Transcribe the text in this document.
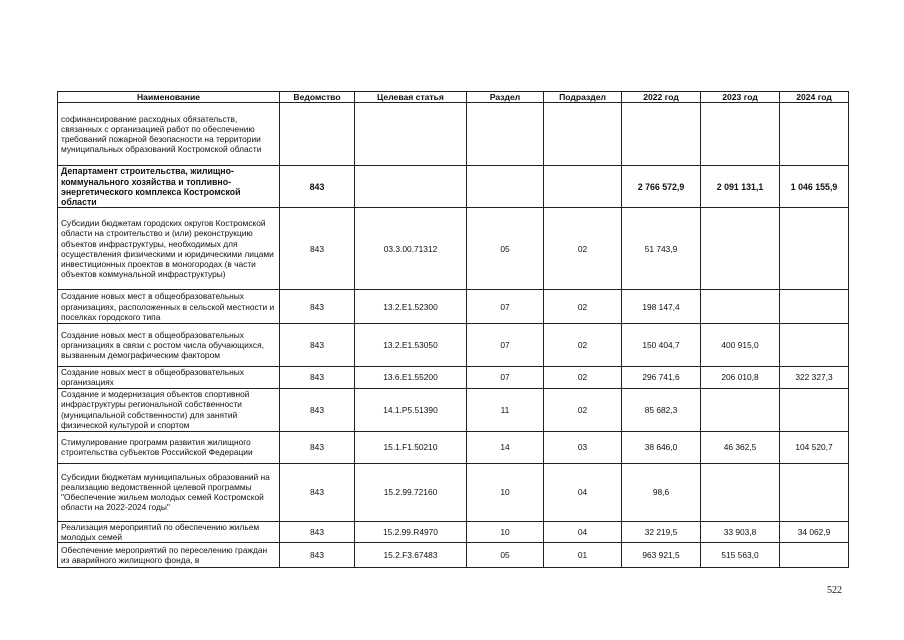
Наименование	Ведомство	Целевая статья	Раздел	Подраздел	2022 год	2023 год	2024 год
софинансирование расходных обязательств, связанных с организацией работ по обеспечению требований пожарной безопасности на территории муниципальных образований Костромской области							
Департамент строительства, жилищно-коммунального хозяйства и топливно-энергетического комплекса Костромской области	843				2 766 572,9	2 091 131,1	1 046 155,9
Субсидии бюджетам городских округов Костромской области на строительство и (или) реконструкцию объектов инфраструктуры, необходимых для осуществления физическими и юридическими лицами инвестиционных проектов в моногородах (в части объектов коммунальной инфраструктуры)	843	03.3.00.71312	05	02	51 743,9		
Создание новых мест в общеобразовательных организациях, расположенных в сельской местности и поселках городского типа	843	13.2.E1.52300	07	02	198 147,4		
Создание новых мест в общеобразовательных организациях в связи с ростом числа обучающихся, вызванным демографическим фактором	843	13.2.E1.53050	07	02	150 404,7	400 915,0	
Создание новых мест в общеобразовательных организациях	843	13.6.E1.55200	07	02	296 741,6	206 010,8	322 327,3
Создание и модернизация объектов спортивной инфраструктуры региональной собственности (муниципальной собственности) для занятий физической культурой и спортом	843	14.1.P5.51390	11	02	85 682,3		
Стимулирование программ развития жилищного строительства субъектов Российской Федерации	843	15.1.F1.50210	14	03	38 646,0	46 362,5	104 520,7
Субсидии бюджетам муниципальных образований на реализацию ведомственной целевой программы "Обеспечение жильем молодых семей Костромской области на 2022-2024 годы"	843	15.2.99.72160	10	04	98,6		
Реализация мероприятий по обеспечению жильем молодых семей	843	15.2.99.R4970	10	04	32 219,5	33 903,8	34 062,9
Обеспечение мероприятий по переселению граждан из аварийного жилищного фонда, в	843	15.2.F3.67483	05	01	963 921,5	515 563,0	
522
